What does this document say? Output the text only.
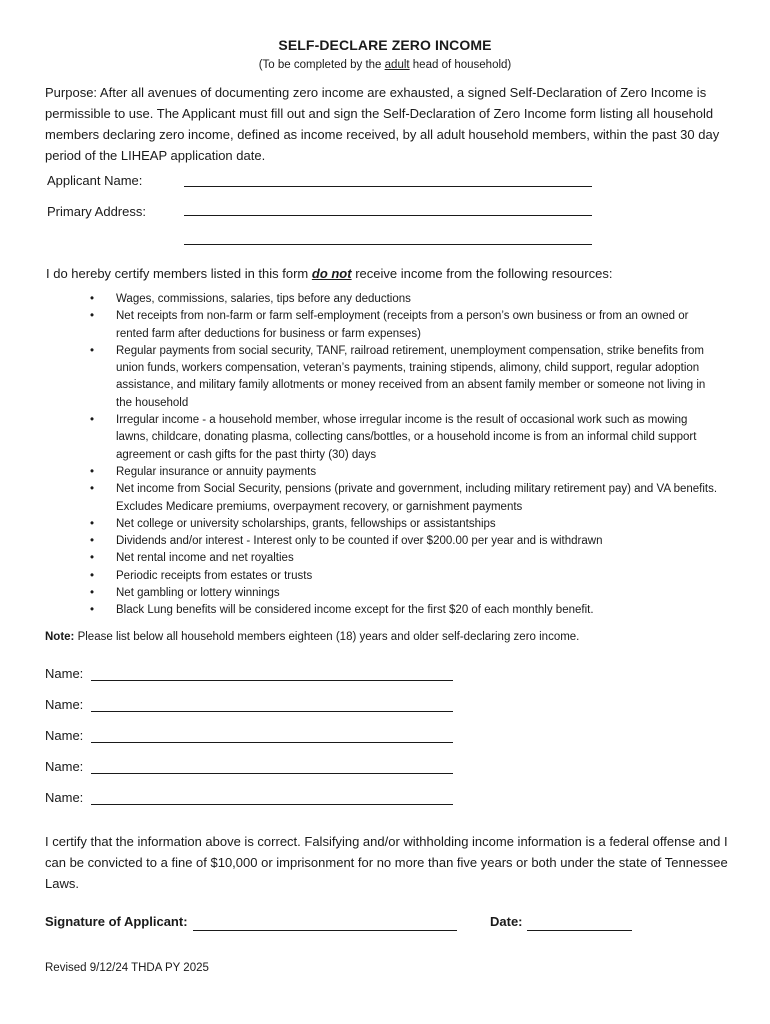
SELF-DECLARE ZERO INCOME
(To be completed by the adult head of household)
Purpose: After all avenues of documenting zero income are exhausted, a signed Self-Declaration of Zero Income is permissible to use. The Applicant must fill out and sign the Self-Declaration of Zero Income form listing all household members declaring zero income, defined as income received, by all adult household members, within the past 30 day period of the LIHEAP application date.
Applicant Name:
Primary Address:
I do hereby certify members listed in this form do not receive income from the following resources:
• Wages, commissions, salaries, tips before any deductions
• Net receipts from non-farm or farm self-employment (receipts from a person’s own business or from an owned or rented farm after deductions for business or farm expenses)
• Regular payments from social security, TANF, railroad retirement, unemployment compensation, strike benefits from union funds, workers compensation, veteran’s payments, training stipends, alimony, child support, regular adoption assistance, and military family allotments or money received from an absent family member or someone not living in the household
• Irregular income - a household member, whose irregular income is the result of occasional work such as mowing lawns, childcare, donating plasma, collecting cans/bottles, or a household income is from an informal child support agreement or cash gifts for the past thirty (30) days
• Regular insurance or annuity payments
• Net income from Social Security, pensions (private and government, including military retirement pay) and VA benefits. Excludes Medicare premiums, overpayment recovery, or garnishment payments
• Net college or university scholarships, grants, fellowships or assistantships
• Dividends and/or interest - Interest only to be counted if over $200.00 per year and is withdrawn
• Net rental income and net royalties
• Periodic receipts from estates or trusts
• Net gambling or lottery winnings
• Black Lung benefits will be considered income except for the first $20 of each monthly benefit.
Note: Please list below all household members eighteen (18) years and older self-declaring zero income.
Name:
Name:
Name:
Name:
Name:
I certify that the information above is correct. Falsifying and/or withholding income information is a federal offense and I can be convicted to a fine of $10,000 or imprisonment for no more than five years or both under the state of Tennessee Laws.
Signature of Applicant:	Date:
Revised 9/12/24 THDA PY 2025
